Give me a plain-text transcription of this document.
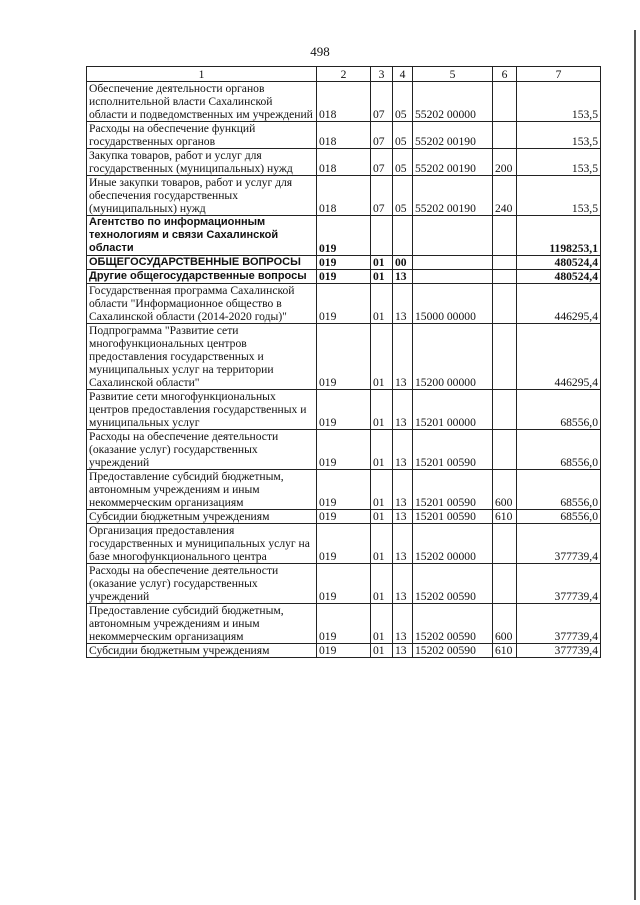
498
1	2	3	4	5	6	7
Обеспечение деятельности органов исполнительной власти Сахалинской области и подведомственных им учреждений	018	07	05	55202 00000		153,5
Расходы на обеспечение функций государственных органов	018	07	05	55202 00190		153,5
Закупка товаров, работ и услуг для государственных (муниципальных) нужд	018	07	05	55202 00190	200	153,5
Иные закупки товаров, работ и услуг для обеспечения государственных (муниципальных) нужд	018	07	05	55202 00190	240	153,5
Агентство по информационным технологиям и связи Сахалинской области	019					1198253,1
ОБЩЕГОСУДАРСТВЕННЫЕ ВОПРОСЫ	019	01	00			480524,4
Другие общегосударственные вопросы	019	01	13			480524,4
Государственная программа Сахалинской области "Информационное общество в Сахалинской области (2014-2020 годы)"	019	01	13	15000 00000		446295,4
Подпрограмма "Развитие сети многофункциональных центров предоставления государственных и муниципальных услуг на территории Сахалинской области"	019	01	13	15200 00000		446295,4
Развитие сети многофункциональных центров предоставления государственных и муниципальных услуг	019	01	13	15201 00000		68556,0
Расходы на обеспечение деятельности (оказание услуг) государственных учреждений	019	01	13	15201 00590		68556,0
Предоставление субсидий бюджетным, автономным учреждениям и иным некоммерческим организациям	019	01	13	15201 00590	600	68556,0
Субсидии бюджетным учреждениям	019	01	13	15201 00590	610	68556,0
Организация предоставления государственных и муниципальных услуг на базе многофункционального центра	019	01	13	15202 00000		377739,4
Расходы на обеспечение деятельности (оказание услуг) государственных учреждений	019	01	13	15202 00590		377739,4
Предоставление субсидий бюджетным, автономным учреждениям и иным некоммерческим организациям	019	01	13	15202 00590	600	377739,4
Субсидии бюджетным учреждениям	019	01	13	15202 00590	610	377739,4
